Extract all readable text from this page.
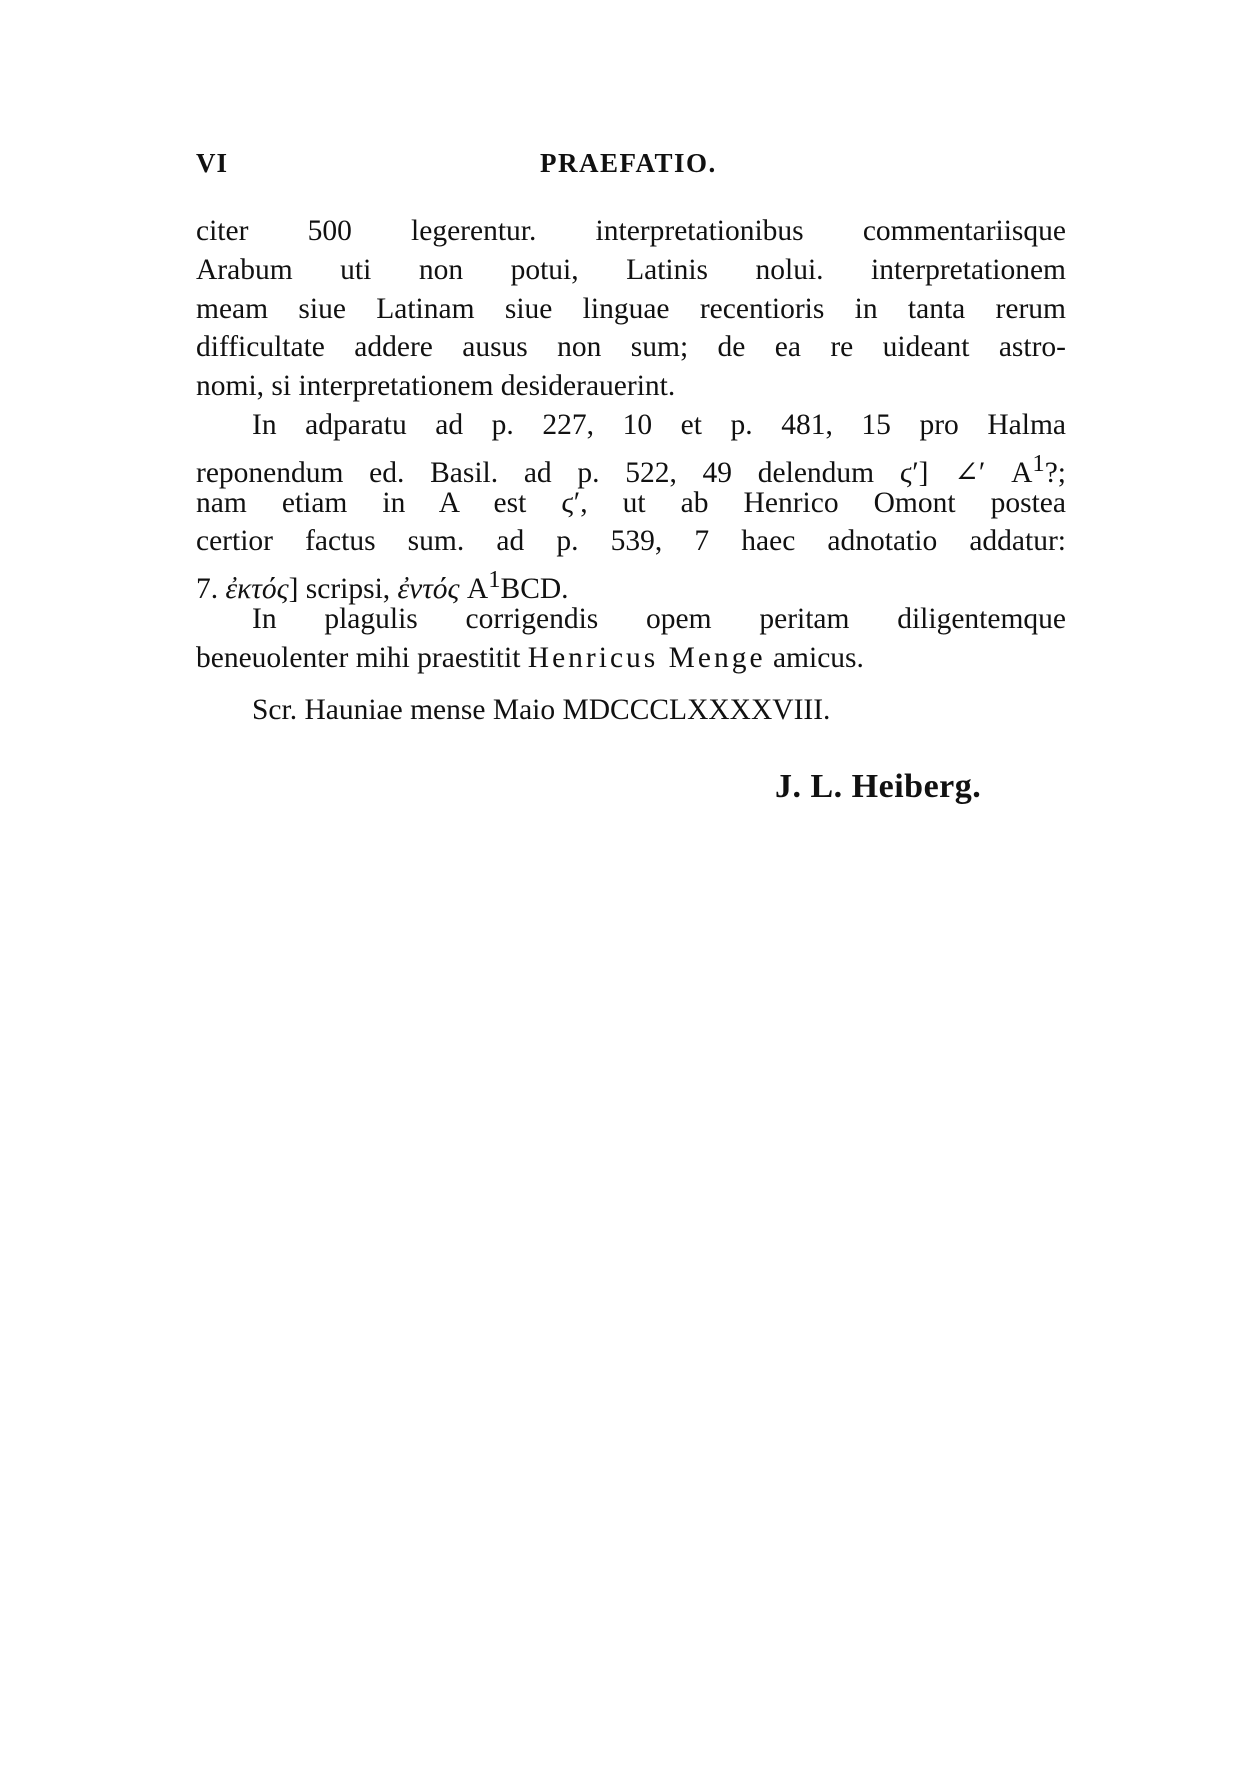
VI	PRAEFATIO.
citer 500 legerentur. interpretationibus commentariisque
Arabum uti non potui, Latinis nolui. interpretationem
meam siue Latinam siue linguae recentioris in tanta rerum
difficultate addere ausus non sum; de ea re uideant astro-
nomi, si interpretationem desiderauerint.
In adparatu ad p. 227, 10 et p. 481, 15 pro Halma
reponendum ed. Basil. ad p. 522, 49 delendum ϛ′] ∠′ $A^1$?;
nam etiam in A est ϛ′, ut ab Henrico Omont postea
certior factus sum. ad p. 539, 7 haec adnotatio addatur:
7. ἐκτός] scripsi, ἐντός $A^1BCD$.
In plagulis corrigendis opem peritam diligentemque
beneuolenter mihi praestitit Henricus Menge amicus.
Scr. Hauniae mense Maio MDCCCLXXXXVIII.
J. L. Heiberg.
